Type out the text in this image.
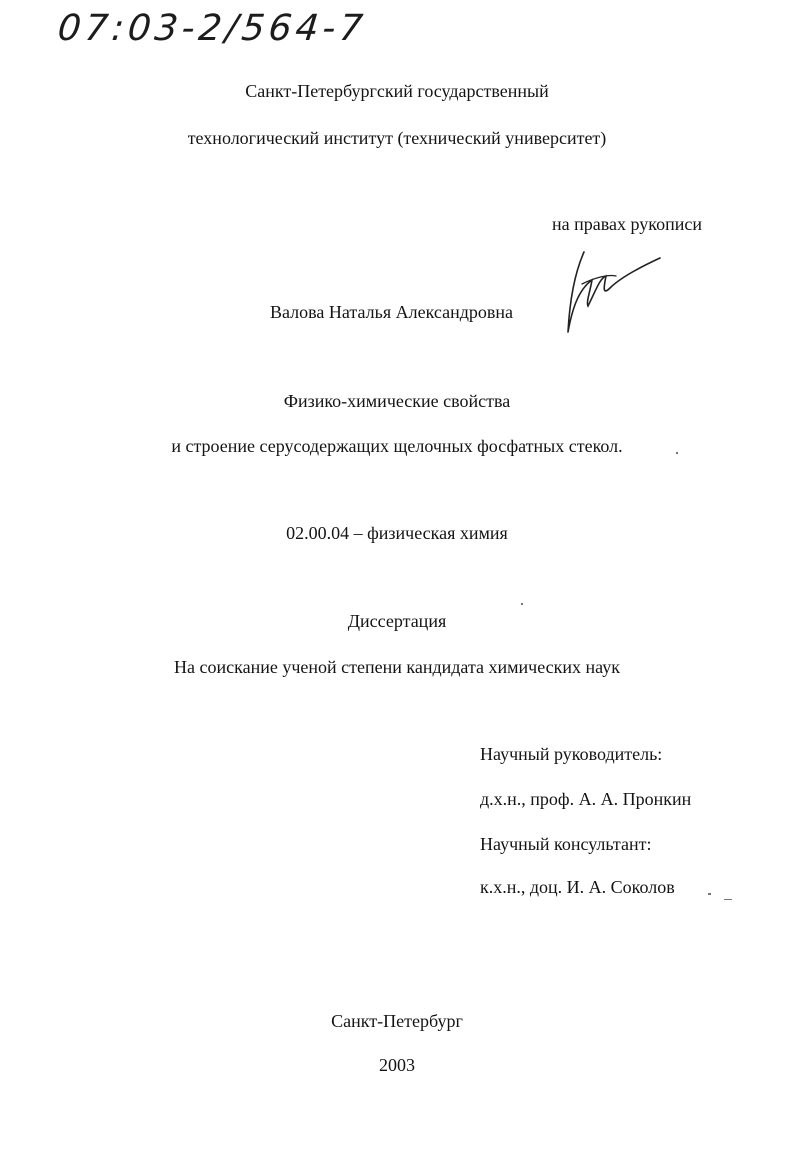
07:03-2/564-7
Санкт-Петербургский государственный
технологический институт (технический университет)
на правах рукописи
Валова Наталья Александровна
Физико-химические свойства
и строение серусодержащих щелочных фосфатных стекол.
02.00.04 – физическая химия
Диссертация
На соискание ученой степени кандидата химических наук
Научный руководитель:
д.х.н., проф. А. А. Пронкин
Научный консультант:
к.х.н., доц. И. А. Соколов
Санкт-Петербург
2003
